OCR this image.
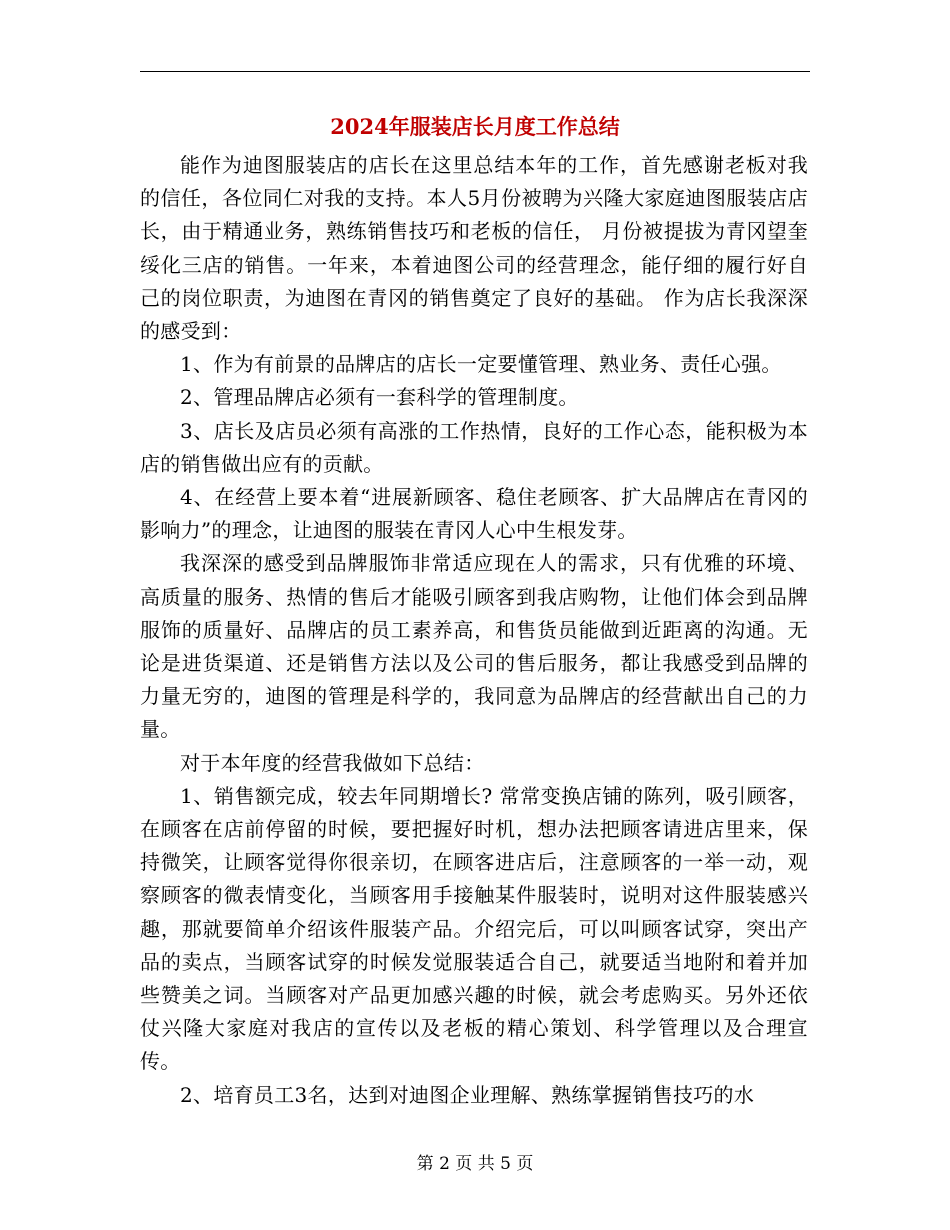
2024年服装店长月度工作总结

能作为迪图服装店的店长在这里总结本年的工作，首先感谢老板对我的信任，各位同仁对我的支持。本人5月份被聘为兴隆大家庭迪图服装店店长，由于精通业务，熟练销售技巧和老板的信任， 月份被提拔为青冈望奎绥化三店的销售。一年来，本着迪图公司的经营理念，能仔细的履行好自己的岗位职责，为迪图在青冈的销售奠定了良好的基础。 作为店长我深深的感受到：

1、作为有前景的品牌店的店长一定要懂管理、熟业务、责任心强。

2、管理品牌店必须有一套科学的管理制度。

3、店长及店员必须有高涨的工作热情，良好的工作心态，能积极为本店的销售做出应有的贡献。

4、在经营上要本着“进展新顾客、稳住老顾客、扩大品牌店在青冈的影响力”的理念，让迪图的服装在青冈人心中生根发芽。

我深深的感受到品牌服饰非常适应现在人的需求，只有优雅的环境、高质量的服务、热情的售后才能吸引顾客到我店购物，让他们体会到品牌服饰的质量好、品牌店的员工素养高，和售货员能做到近距离的沟通。无论是进货渠道、还是销售方法以及公司的售后服务，都让我感受到品牌的力量无穷的，迪图的管理是科学的，我同意为品牌店的经营献出自己的力量。

对于本年度的经营我做如下总结：

1、销售额完成，较去年同期增长? 常常变换店铺的陈列，吸引顾客，在顾客在店前停留的时候，要把握好时机，想办法把顾客请进店里来，保持微笑，让顾客觉得你很亲切，在顾客进店后，注意顾客的一举一动，观察顾客的微表情变化，当顾客用手接触某件服装时，说明对这件服装感兴趣，那就要简单介绍该件服装产品。介绍完后，可以叫顾客试穿，突出产品的卖点，当顾客试穿的时候发觉服装适合自己，就要适当地附和着并加些赞美之词。当顾客对产品更加感兴趣的时候，就会考虑购买。另外还依仗兴隆大家庭对我店的宣传以及老板的精心策划、科学管理以及合理宣传。

2、培育员工3名，达到对迪图企业理解、熟练掌握销售技巧的水

第 2 页 共 5 页
